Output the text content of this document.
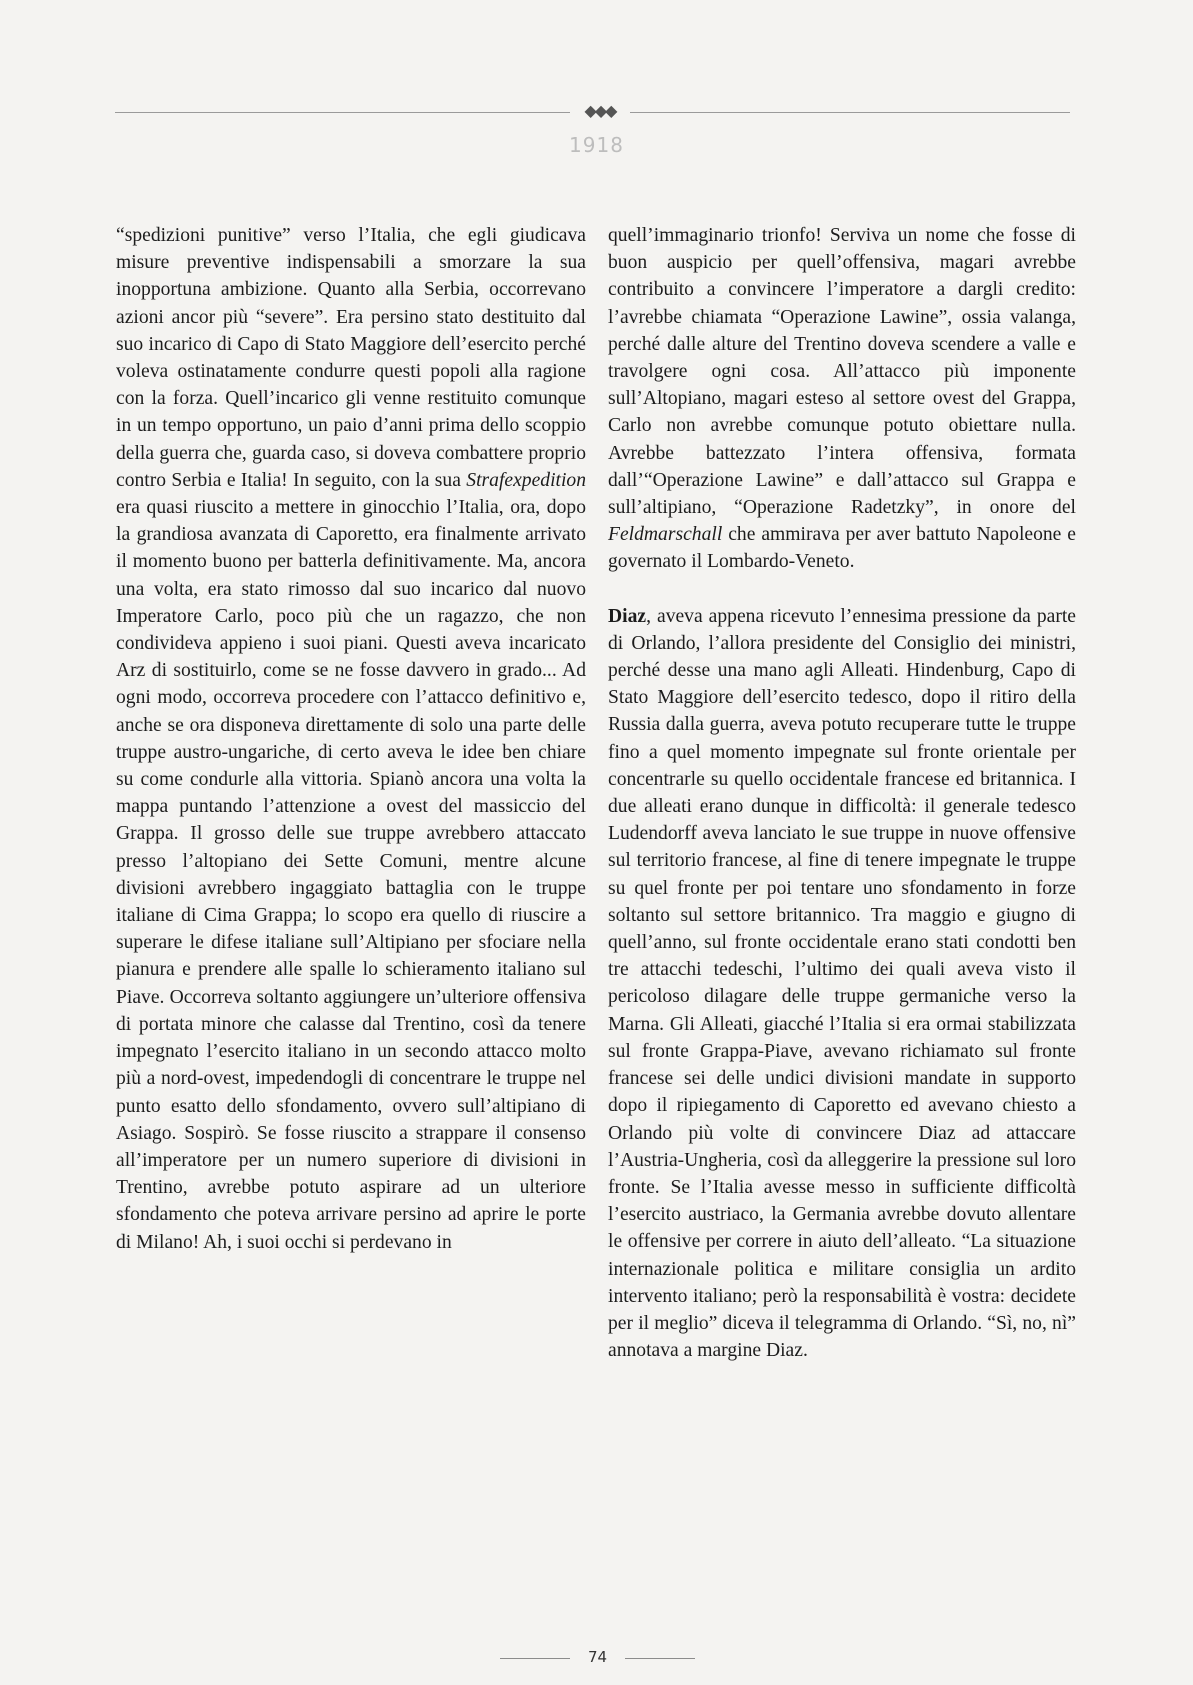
◆◆◆
1918

“spedizioni punitive” verso l’Italia, che egli giudicava misure preventive indispensabili a smorzare la sua inopportuna ambizione. Quanto alla Serbia, occorrevano azioni ancor più “severe”. Era persino stato destituito dal suo incarico di Capo di Stato Maggiore dell’esercito perché voleva ostinatamente condurre questi popoli alla ragione con la forza. Quell’incarico gli venne restituito comunque in un tempo opportuno, un paio d’anni prima dello scoppio della guerra che, guarda caso, si doveva combattere proprio contro Serbia e Italia! In seguito, con la sua Strafexpedition era quasi riuscito a mettere in ginocchio l’Italia, ora, dopo la grandiosa avanzata di Caporetto, era finalmente arrivato il momento buono per batterla definitivamente. Ma, ancora una volta, era stato rimosso dal suo incarico dal nuovo Imperatore Carlo, poco più che un ragazzo, che non condivideva appieno i suoi piani. Questi aveva incaricato Arz di sostituirlo, come se ne fosse davvero in grado... Ad ogni modo, occorreva procedere con l’attacco definitivo e, anche se ora disponeva direttamente di solo una parte delle truppe austro-ungariche, di certo aveva le idee ben chiare su come condurle alla vittoria. Spianò ancora una volta la mappa puntando l’attenzione a ovest del massiccio del Grappa. Il grosso delle sue truppe avrebbero attaccato presso l’altopiano dei Sette Comuni, mentre alcune divisioni avrebbero ingaggiato battaglia con le truppe italiane di Cima Grappa; lo scopo era quello di riuscire a superare le difese italiane sull’Altipiano per sfociare nella pianura e prendere alle spalle lo schieramento italiano sul Piave. Occorreva soltanto aggiungere un’ulteriore offensiva di portata minore che calasse dal Trentino, così da tenere impegnato l’esercito italiano in un secondo attacco molto più a nord-ovest, impedendogli di concentrare le truppe nel punto esatto dello sfondamento, ovvero sull’altipiano di Asiago. Sospirò. Se fosse riuscito a strappare il consenso all’imperatore per un numero superiore di divisioni in Trentino, avrebbe potuto aspirare ad un ulteriore sfondamento che poteva arrivare persino ad aprire le porte di Milano! Ah, i suoi occhi si perdevano in

quell’immaginario trionfo! Serviva un nome che fosse di buon auspicio per quell’offensiva, magari avrebbe contribuito a convincere l’imperatore a dargli credito: l’avrebbe chiamata “Operazione Lawine”, ossia valanga, perché dalle alture del Trentino doveva scendere a valle e travolgere ogni cosa. All’attacco più imponente sull’Altopiano, magari esteso al settore ovest del Grappa, Carlo non avrebbe comunque potuto obiettare nulla. Avrebbe battezzato l’intera offensiva, formata dall’“Operazione Lawine” e dall’attacco sul Grappa e sull’altipiano, “Operazione Radetzky”, in onore del Feldmarschall che ammirava per aver battuto Napoleone e governato il Lombardo-Veneto.

Diaz, aveva appena ricevuto l’ennesima pressione da parte di Orlando, l’allora presidente del Consiglio dei ministri, perché desse una mano agli Alleati. Hindenburg, Capo di Stato Maggiore dell’esercito tedesco, dopo il ritiro della Russia dalla guerra, aveva potuto recuperare tutte le truppe fino a quel momento impegnate sul fronte orientale per concentrarle su quello occidentale francese ed britannica. I due alleati erano dunque in difficoltà: il generale tedesco Ludendorff aveva lanciato le sue truppe in nuove offensive sul territorio francese, al fine di tenere impegnate le truppe su quel fronte per poi tentare uno sfondamento in forze soltanto sul settore britannico. Tra maggio e giugno di quell’anno, sul fronte occidentale erano stati condotti ben tre attacchi tedeschi, l’ultimo dei quali aveva visto il pericoloso dilagare delle truppe germaniche verso la Marna. Gli Alleati, giacché l’Italia si era ormai stabilizzata sul fronte Grappa-Piave, avevano richiamato sul fronte francese sei delle undici divisioni mandate in supporto dopo il ripiegamento di Caporetto ed avevano chiesto a Orlando più volte di convincere Diaz ad attaccare l’Austria-Ungheria, così da alleggerire la pressione sul loro fronte. Se l’Italia avesse messo in sufficiente difficoltà l’esercito austriaco, la Germania avrebbe dovuto allentare le offensive per correre in aiuto dell’alleato. “La situazione internazionale politica e militare consiglia un ardito intervento italiano; però la responsabilità è vostra: decidete per il meglio” diceva il telegramma di Orlando. “Sì, no, nì” annotava a margine Diaz.

74
